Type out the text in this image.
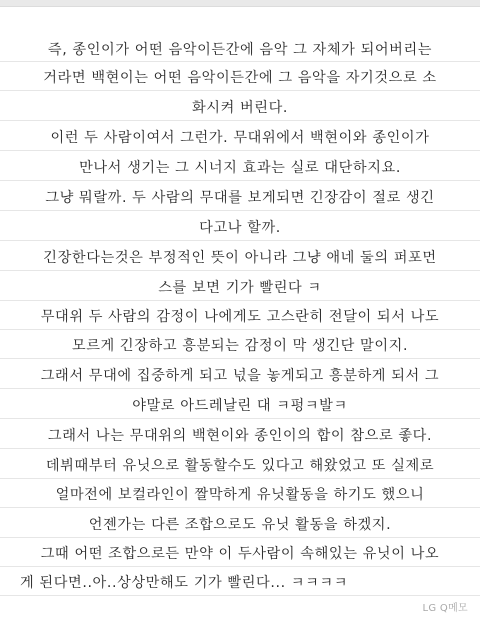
즉, 종인이가 어떤 음악이든간에 음악 그 자체가 되어버리는
거라면 백현이는 어떤 음악이든간에 그 음악을 자기것으로 소
화시켜 버린다.
이런 두 사람이여서 그런가. 무대위에서 백현이와 종인이가
만나서 생기는 그 시너지 효과는 실로 대단하지요.
그냥 뭐랄까. 두 사람의 무대를 보게되면 긴장감이 절로 생긴
다고나 할까.
긴장한다는것은 부정적인 뜻이 아니라 그냥 애네 둘의 퍼포먼
스를 보면 기가 빨린다 ㅋ
무대위 두 사람의 감정이 나에게도 고스란히 전달이 되서 나도
모르게 긴장하고 흥분되는 감정이 막 생긴단 말이지.
그래서 무대에 집중하게 되고 넋을 놓게되고 흥분하게 되서 그
야말로 아드레날린 대 ㅋ펑ㅋ발ㅋ
그래서 나는 무대위의 백현이와 종인이의 합이 참으로 좋다.
데뷔때부터 유닛으로 활동할수도 있다고 해왔었고 또 실제로
얼마전에 보컬라인이 짤막하게 유닛활동을 하기도 했으니
언젠가는 다른 조합으로도 유닛 활동을 하겠지.
그때 어떤 조합으로든 만약 이 두사람이 속해있는 유닛이 나오
게 된다면..아..상상만해도 기가 빨린다... ㅋㅋㅋㅋ
LG Q메모
